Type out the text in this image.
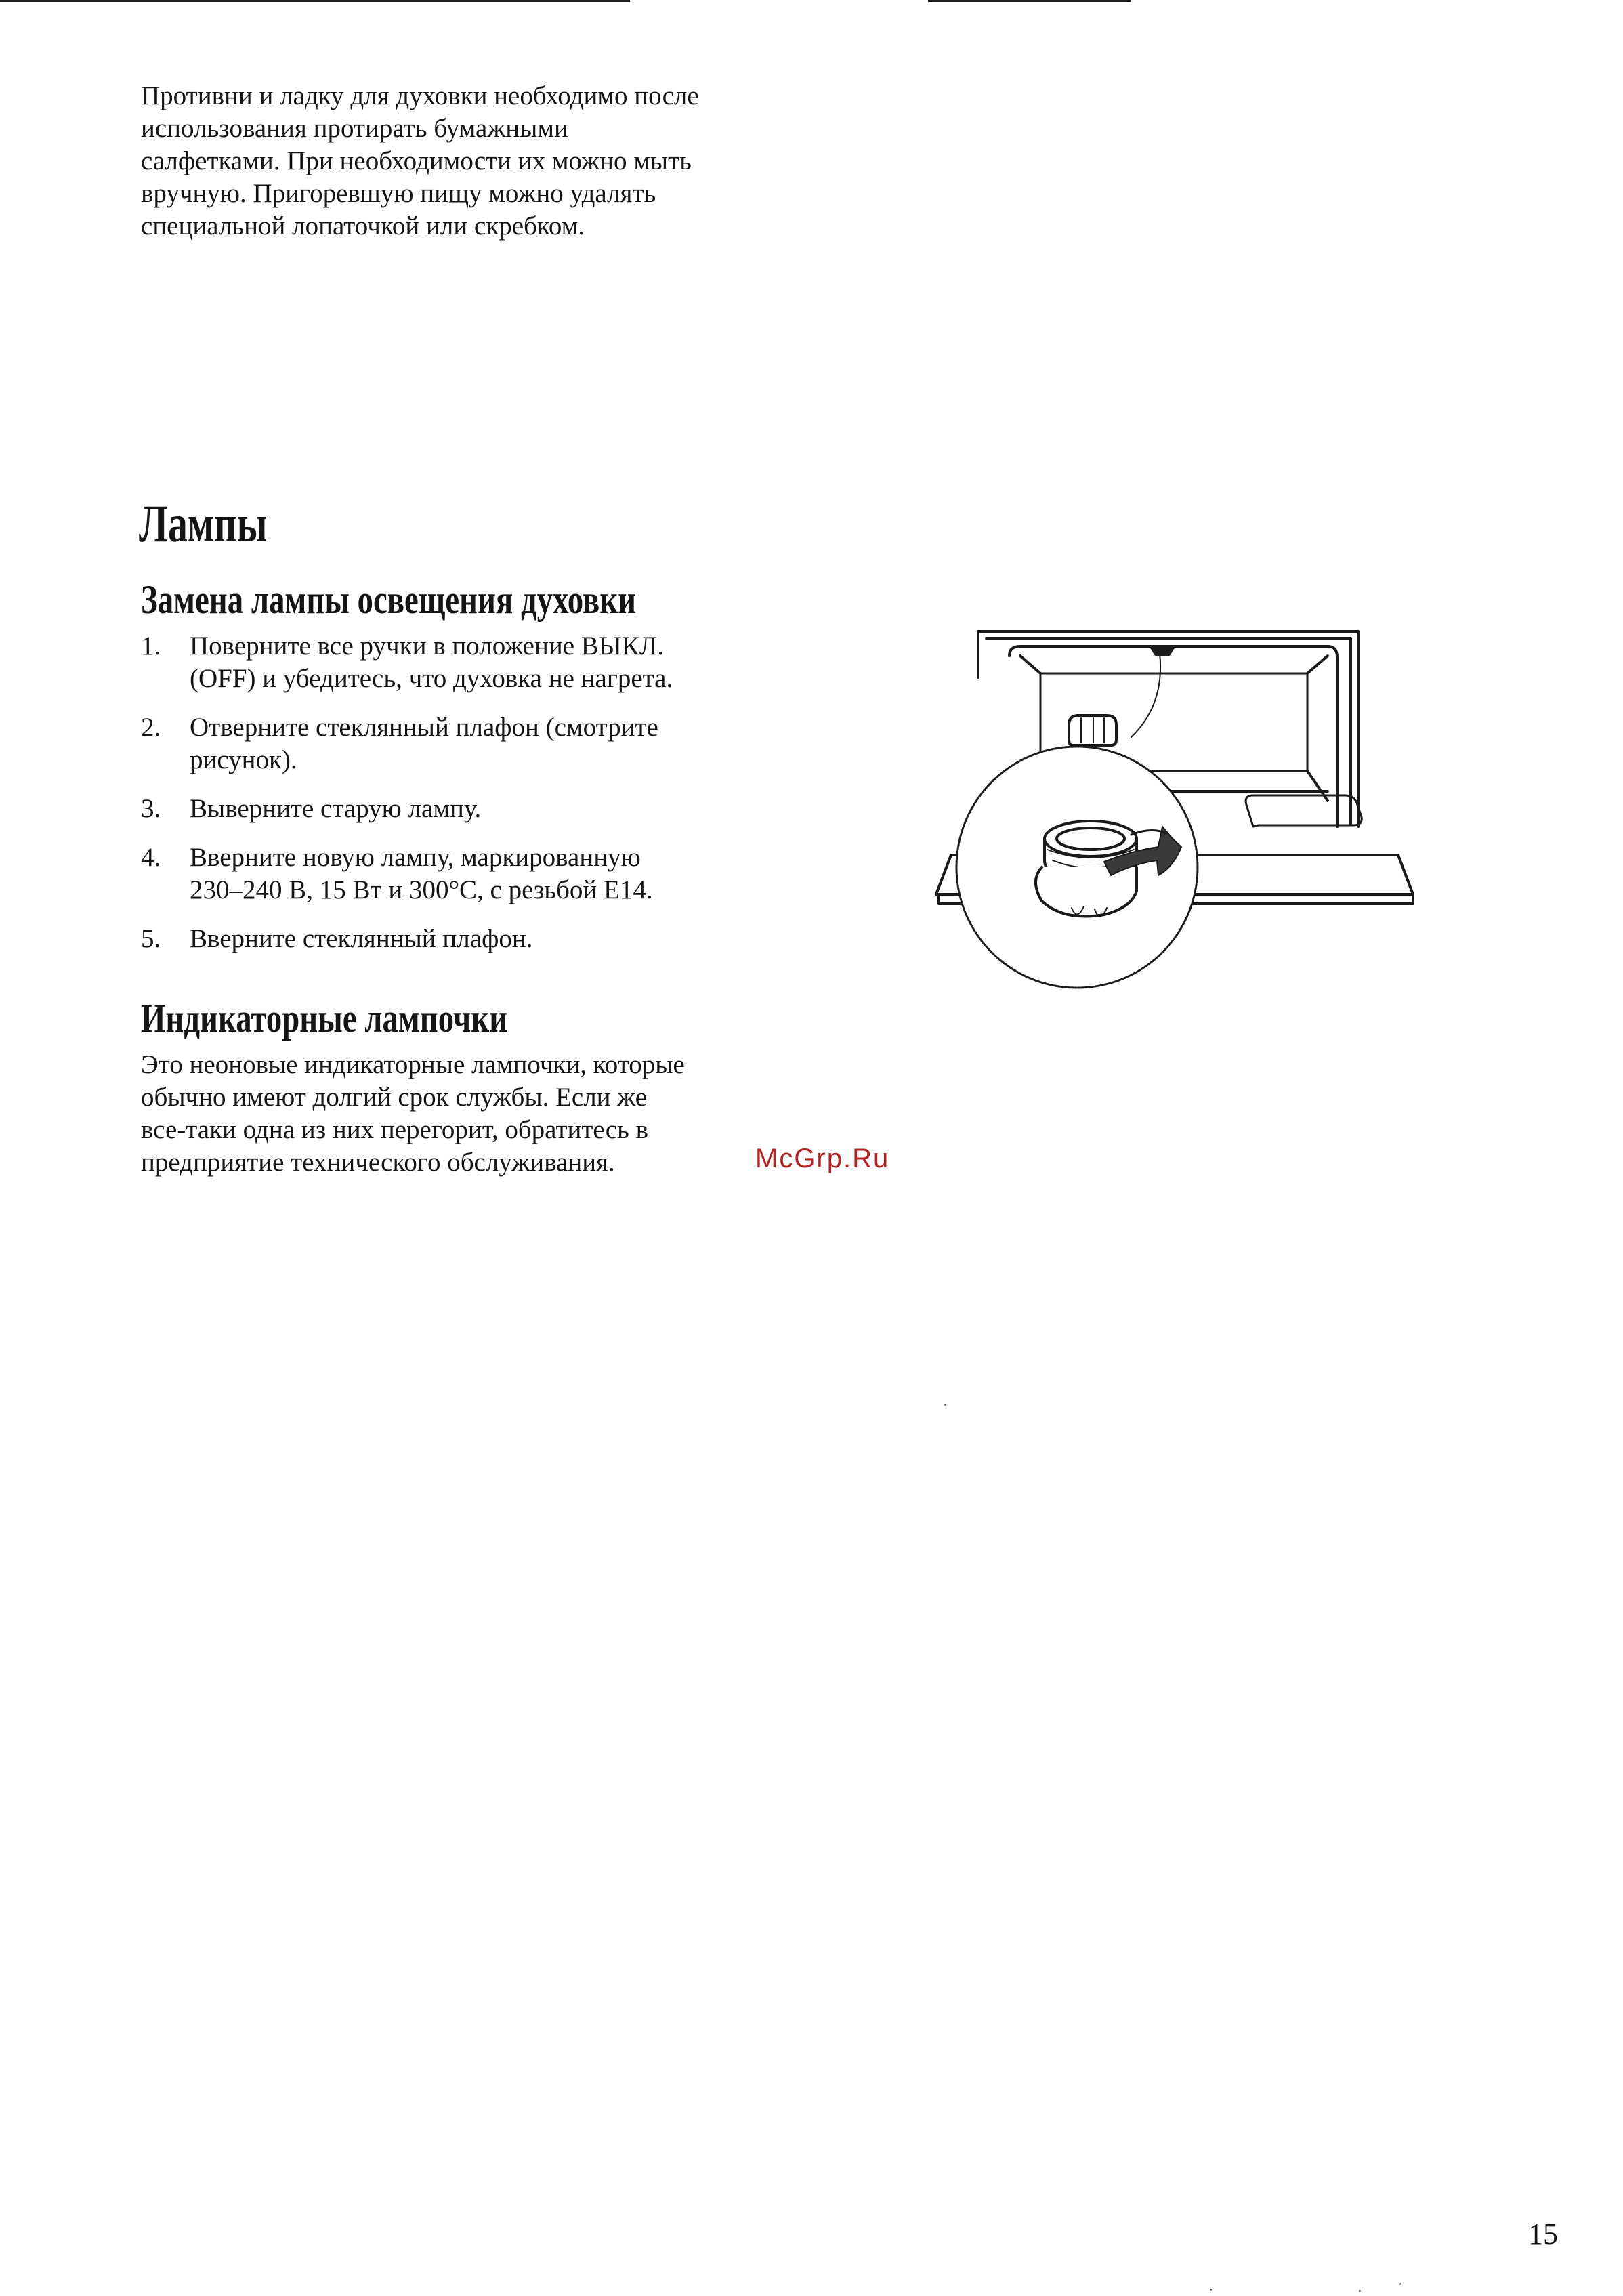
Противни и ладку для духовки необходимо после
использования протирать бумажными
салфетками. При необходимости их можно мыть
вручную. Пригоревшую пищу можно удалять
специальной лопаточкой или скребком.

Лампы
Замена лампы освещения духовки
1. Поверните все ручки в положение ВЫКЛ.
(OFF) и убедитесь, что духовка не нагрета.
2. Отверните стеклянный плафон (смотрите
рисунок).
3. Выверните старую лампу.
4. Вверните новую лампу, маркированную
230–240 В, 15 Вт и 300°С, с резьбой Е14.
5. Вверните стеклянный плафон.
Индикаторные лампочки

Это неоновые индикаторные лампочки, которые
обычно имеют долгий срок службы. Если же
все-таки одна из них перегорит, обратитесь в
предприятие технического обслуживания.	McGrp.Ru
15
